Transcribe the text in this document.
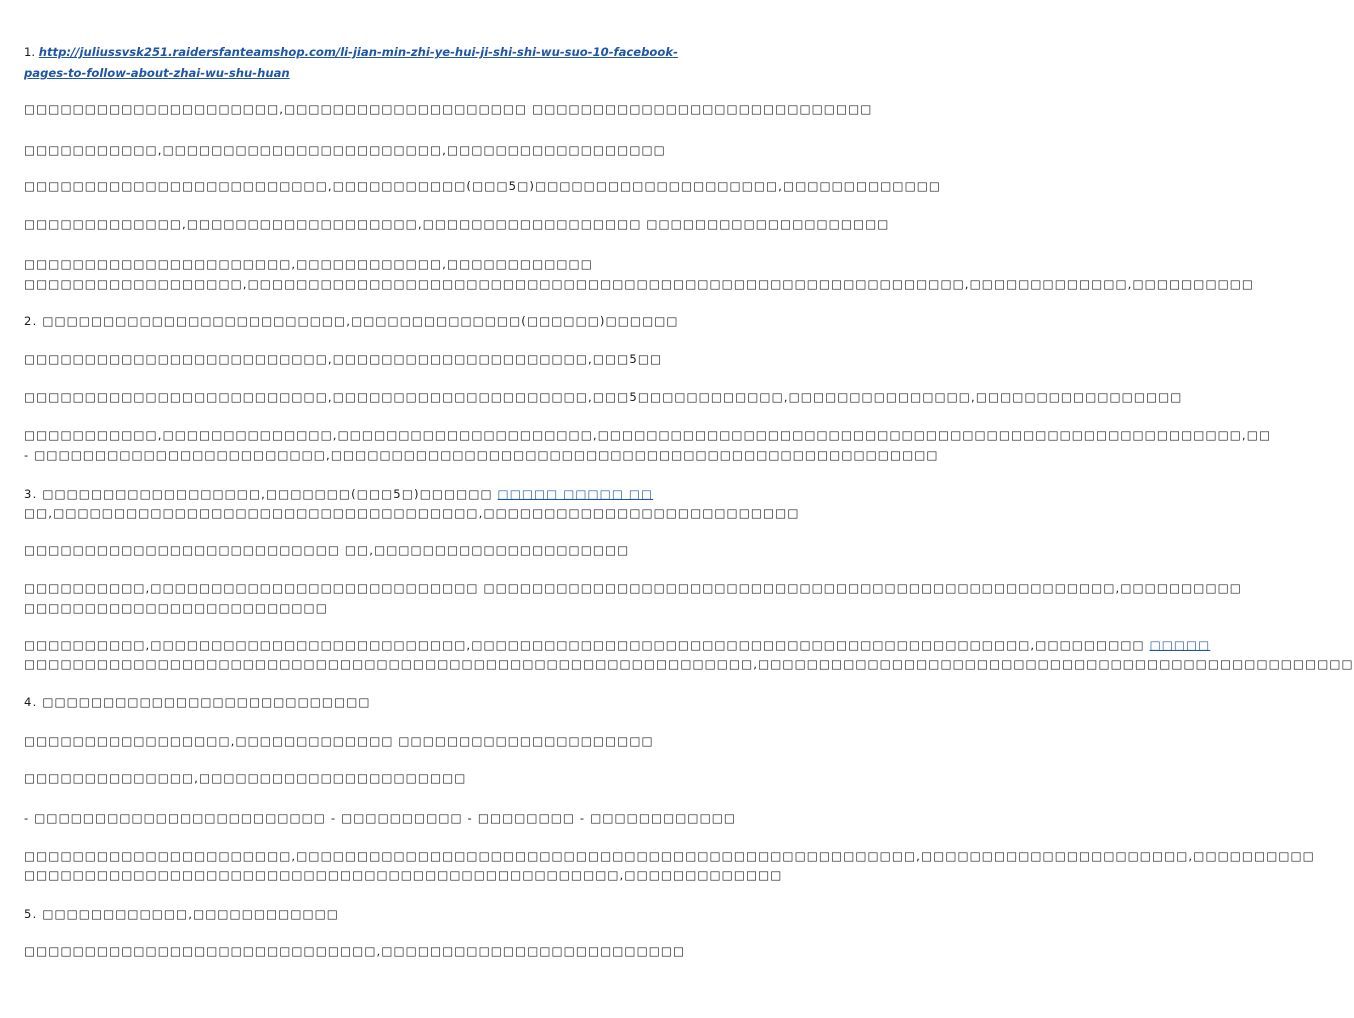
1. http://juliussvsk251.raidersfanteamshop.com/li-jian-min-zhi-ye-hui-ji-shi-shi-wu-suo-10-facebook-

pages-to-follow-about-zhai-wu-shu-huan

□□□□□□□□□□□□□□□□□□□□□,□□□□□□□□□□□□□□□□□□□□ □□□□□□□□□□□□□□□□□□□□□□□□□□□□

□□□□□□□□□□□,□□□□□□□□□□□□□□□□□□□□□□□,□□□□□□□□□□□□□□□□□□

□□□□□□□□□□□□□□□□□□□□□□□□□,□□□□□□□□□□□(□□□5□)□□□□□□□□□□□□□□□□□□□□,□□□□□□□□□□□□□

□□□□□□□□□□□□□,□□□□□□□□□□□□□□□□□□□,□□□□□□□□□□□□□□□□□□ □□□□□□□□□□□□□□□□□□□□

□□□□□□□□□□□□□□□□□□□□□□,□□□□□□□□□□□□,□□□□□□□□□□□□

□□□□□□□□□□□□□□□□□□,□□□□□□□□□□□□□□□□□□□□□□□□□□□□□□□□□□□□□□□□□□□□□□□□□□□□□□□□□□□,□□□□□□□□□□□□□,□□□□□□□□□□

2. □□□□□□□□□□□□□□□□□□□□□□□□□,□□□□□□□□□□□□□□(□□□□□□)□□□□□□

□□□□□□□□□□□□□□□□□□□□□□□□□,□□□□□□□□□□□□□□□□□□□□□,□□□5□□

□□□□□□□□□□□□□□□□□□□□□□□□□,□□□□□□□□□□□□□□□□□□□□□,□□□5□□□□□□□□□□□□,□□□□□□□□□□□□□□□,□□□□□□□□□□□□□□□□□

□□□□□□□□□□□,□□□□□□□□□□□□□□,□□□□□□□□□□□□□□□□□□□□□,□□□□□□□□□□□□□□□□□□□□□□□□□□□□□□□□□□□□□□□□□□□□□□□□□□□□□,□□

- □□□□□□□□□□□□□□□□□□□□□□□□,□□□□□□□□□□□□□□□□□□□□□□□□□□□□□□□□□□□□□□□□□□□□□□□□□□

3. □□□□□□□□□□□□□□□□□□,□□□□□□□(□□□5□)□□□□□□ □□□□□ □□□□□ □□

□□,□□□□□□□□□□□□□□□□□□□□□□□□□□□□□□□□□□□,□□□□□□□□□□□□□□□□□□□□□□□□□□

□□□□□□□□□□□□□□□□□□□□□□□□□□ □□,□□□□□□□□□□□□□□□□□□□□□

□□□□□□□□□□,□□□□□□□□□□□□□□□□□□□□□□□□□□□ □□□□□□□□□□□□□□□□□□□□□□□□□□□□□□□□□□□□□□□□□□□□□□□□□□□□,□□□□□□□□□□

□□□□□□□□□□□□□□□□□□□□□□□□□

□□□□□□□□□□,□□□□□□□□□□□□□□□□□□□□□□□□□□,□□□□□□□□□□□□□□□□□□□□□□□□□□□□□□□□□□□□□□□□□□□□□□,□□□□□□□□□ □□□□□

□□□□□□□□□□□□□□□□□□□□□□□□□□□□□□□□□□□□□□□□□□□□□□□□□□□□□□□□□□□□,□□□□□□□□□□□□□□□□□□□□□□□□□□□□□□□□□□□□□□□□□□□□□□□□□

4. □□□□□□□□□□□□□□□□□□□□□□□□□□□

□□□□□□□□□□□□□□□□□,□□□□□□□□□□□□□ □□□□□□□□□□□□□□□□□□□□□

□□□□□□□□□□□□□□,□□□□□□□□□□□□□□□□□□□□□□

- □□□□□□□□□□□□□□□□□□□□□□□□ - □□□□□□□□□□ - □□□□□□□□ - □□□□□□□□□□□□

□□□□□□□□□□□□□□□□□□□□□□,□□□□□□□□□□□□□□□□□□□□□□□□□□□□□□□□□□□□□□□□□□□□□□□□□□□,□□□□□□□□□□□□□□□□□□□□□□,□□□□□□□□□□

□□□□□□□□□□□□□□□□□□□□□□□□□□□□□□□□□□□□□□□□□□□□□□□□□,□□□□□□□□□□□□□

5. □□□□□□□□□□□□,□□□□□□□□□□□□

□□□□□□□□□□□□□□□□□□□□□□□□□□□□□,□□□□□□□□□□□□□□□□□□□□□□□□□
